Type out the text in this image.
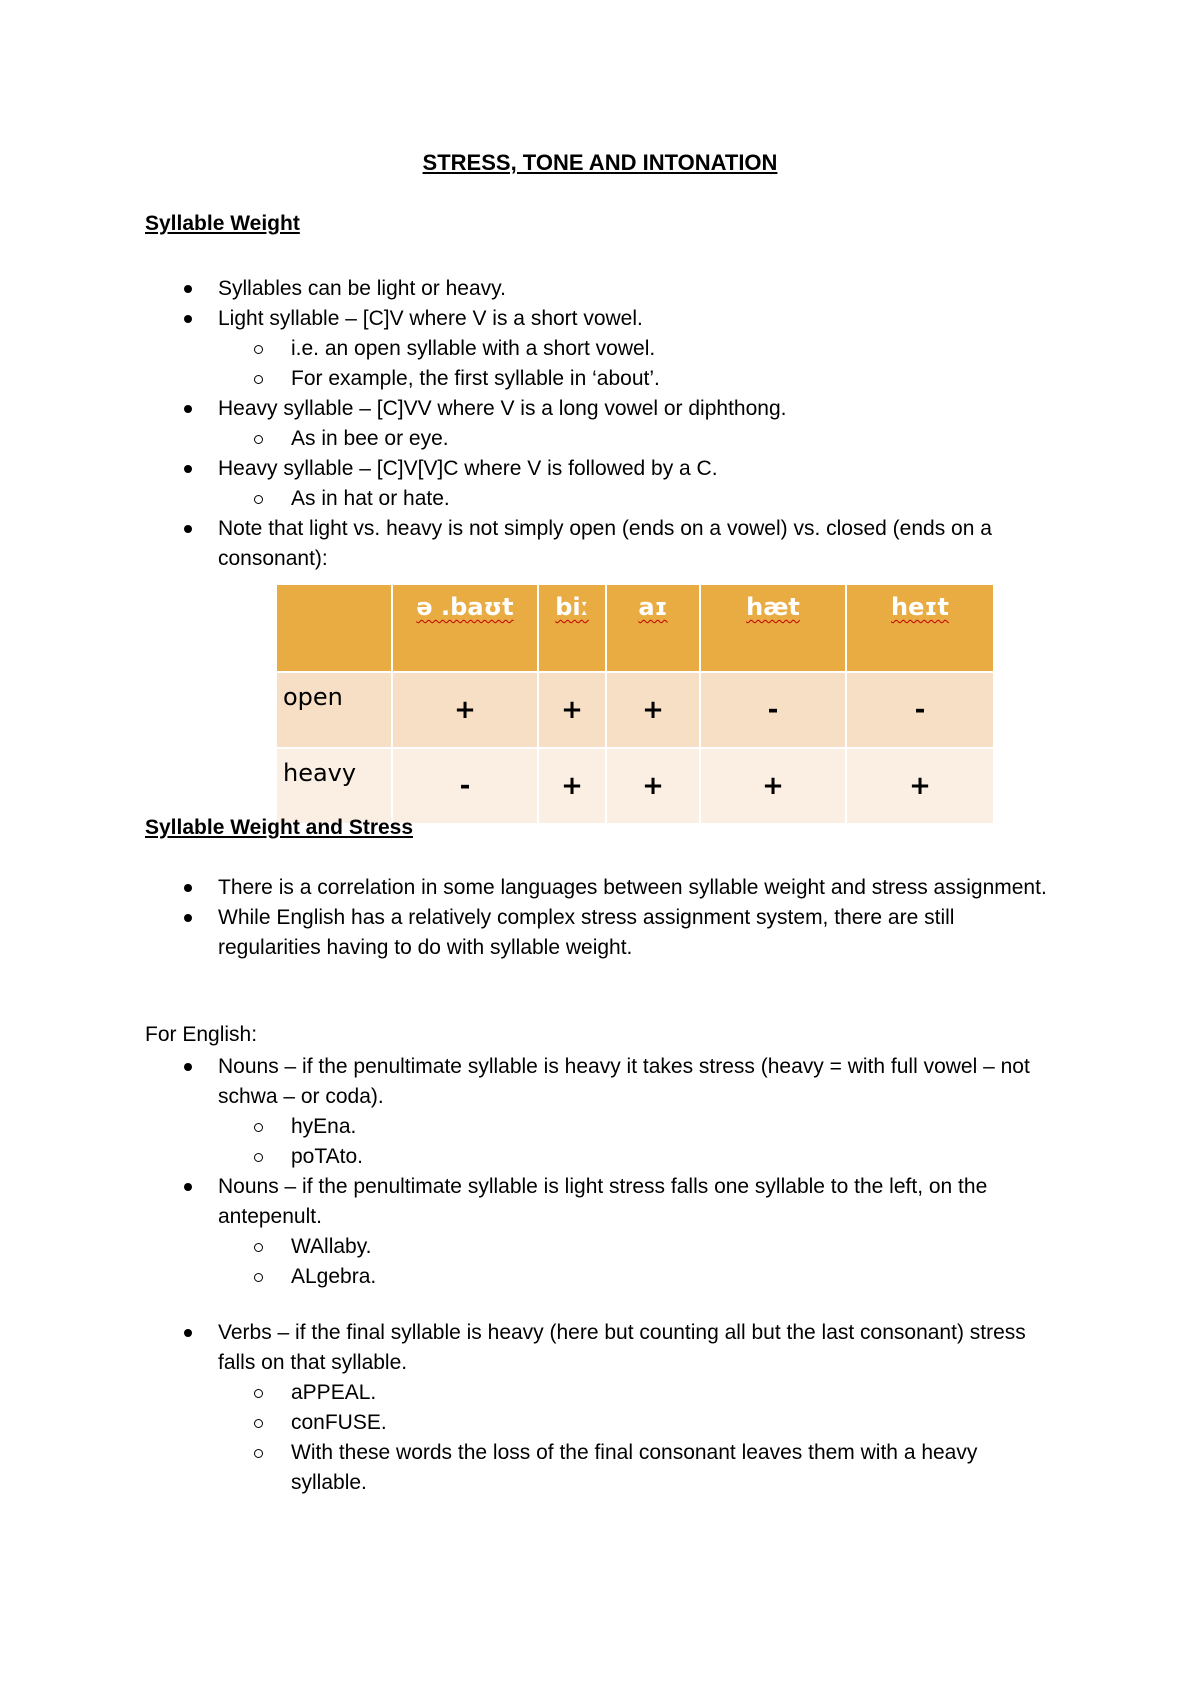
STRESS, TONE AND INTONATION
Syllable Weight
Syllables can be light or heavy.
Light syllable – [C]V where V is a short vowel.
i.e. an open syllable with a short vowel.
For example, the first syllable in ‘about’.
Heavy syllable – [C]VV where V is a long vowel or diphthong.
As in bee or eye.
Heavy syllable – [C]V[V]C where V is followed by a C.
As in hat or hate.
Note that light vs. heavy is not simply open (ends on a vowel) vs. closed (ends on a consonant):
	ə .baʊt	biː	aɪ	hæt	heɪt
open	+	+	+	-	-
heavy	-	+	+	+	+
Syllable Weight and Stress
There is a correlation in some languages between syllable weight and stress assignment.
While English has a relatively complex stress assignment system, there are still regularities having to do with syllable weight.

For English:

Nouns – if the penultimate syllable is heavy it takes stress (heavy = with full vowel – not schwa – or coda).
hyEna.
poTAto.
Nouns – if the penultimate syllable is light stress falls one syllable to the left, on the antepenult.
WAllaby.
ALgebra.
Verbs – if the final syllable is heavy (here but counting all but the last consonant) stress falls on that syllable.
aPPEAL.
conFUSE.
With these words the loss of the final consonant leaves them with a heavy syllable.
